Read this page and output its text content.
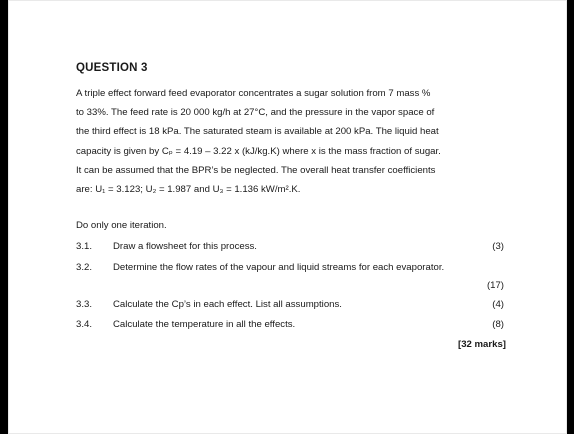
QUESTION 3

A triple effect forward feed evaporator concentrates a sugar solution from 7 mass %
to 33%. The feed rate is 20 000 kg/h at 27°C, and the pressure in the vapor space of
the third effect is 18 kPa. The saturated steam is available at 200 kPa. The liquid heat
capacity is given by Cₚ = 4.19 – 3.22 x (kJ/kg.K) where x is the mass fraction of sugar.
It can be assumed that the BPR’s be neglected. The overall heat transfer coefficients
are: U₁ = 3.123; U₂ = 1.987 and U₃ = 1.136 kW/m².K.

Do only one iteration.
3.1. Draw a flowsheet for this process.	(3)
3.2. Determine the flow rates of the vapour and liquid streams for each evaporator.
(17)
3.3. Calculate the Cp’s in each effect. List all assumptions.	(4)
3.4. Calculate the temperature in all the effects.	(8)
[32 marks]
